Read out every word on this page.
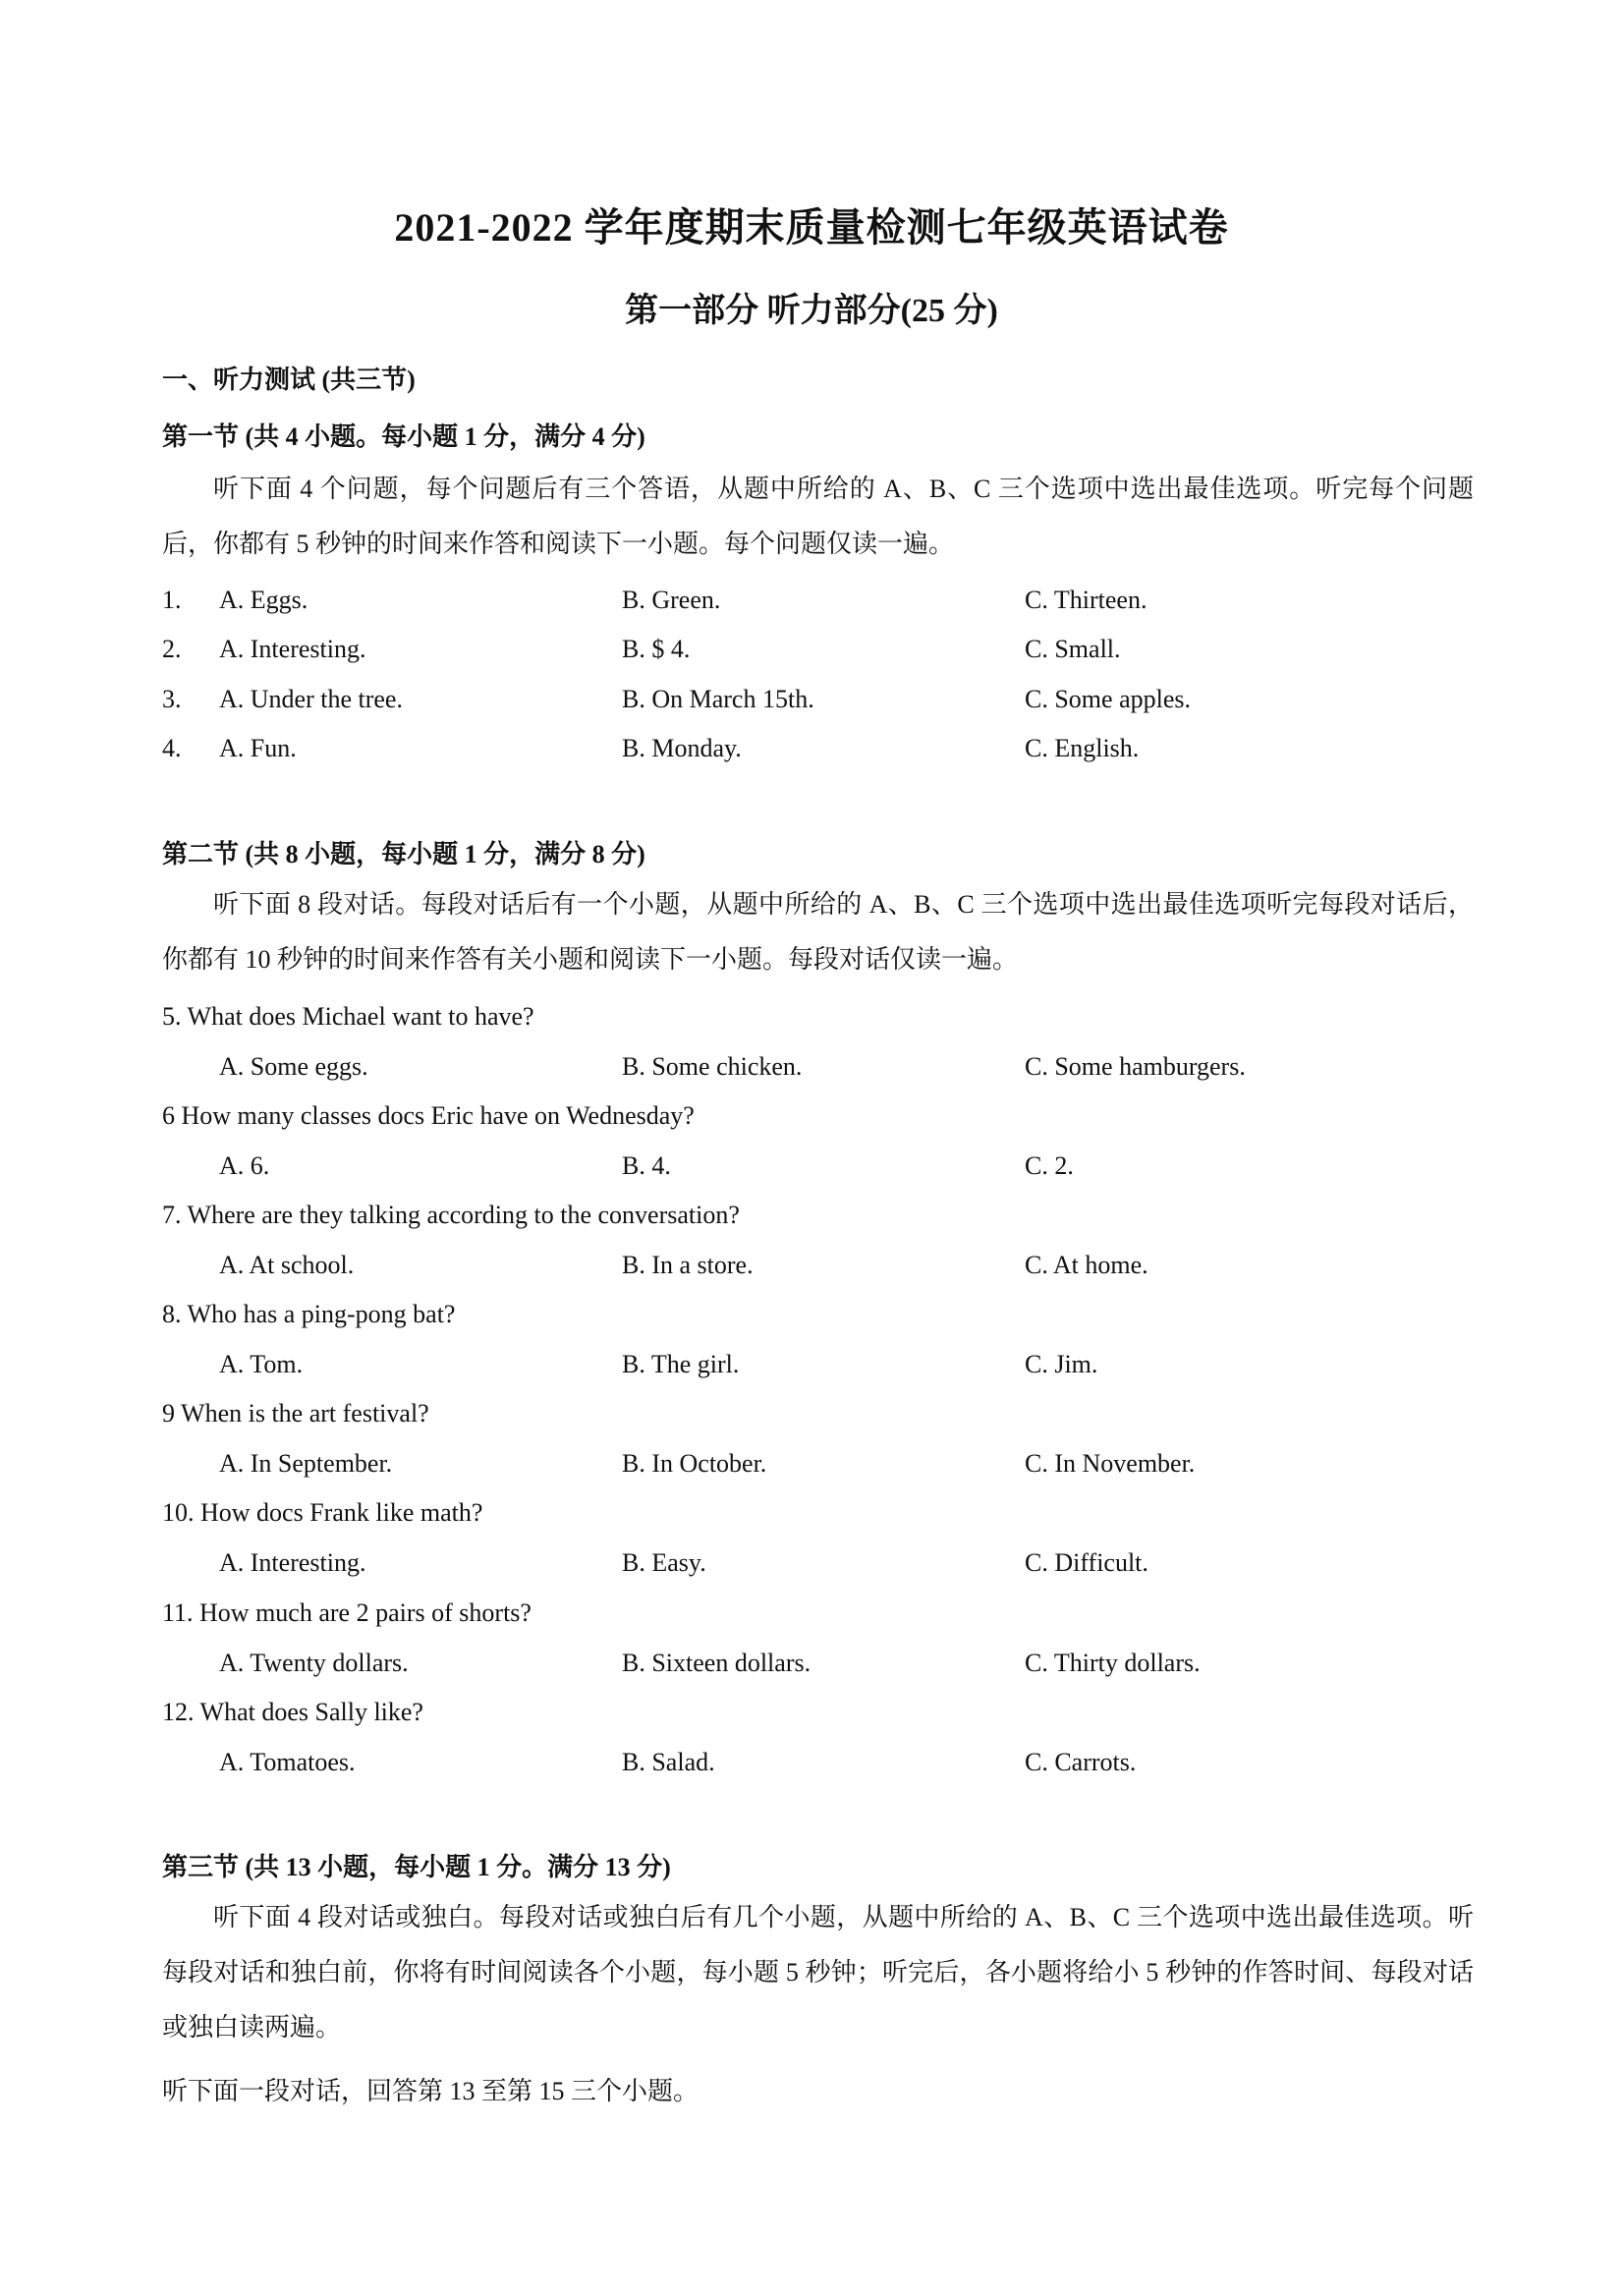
2021-2022 学年度期末质量检测七年级英语试卷
第一部分 听力部分(25 分)
一、听力测试 (共三节)
第一节 (共 4 小题。每小题 1 分，满分 4 分)
听下面 4 个问题，每个问题后有三个答语，从题中所给的 A、B、C 三个选项中选出最佳选项。听完每个问题后，你都有 5 秒钟的时间来作答和阅读下一小题。每个问题仅读一遍。
1. A. Eggs.	B. Green.	C. Thirteen.
2. A. Interesting.	B. $ 4.	C. Small.
3. A. Under the tree.	B. On March 15th.	C. Some apples.
4. A. Fun.	B. Monday.	C. English.
第二节 (共 8 小题，每小题 1 分，满分 8 分)
听下面 8 段对话。每段对话后有一个小题，从题中所给的 A、B、C 三个选项中选出最佳选项听完每段对话后，你都有 10 秒钟的时间来作答有关小题和阅读下一小题。每段对话仅读一遍。
5. What does Michael want to have?
A. Some eggs.	B. Some chicken.	C. Some hamburgers.
6 How many classes docs Eric have on Wednesday?
A. 6.	B. 4.	C. 2.
7. Where are they talking according to the conversation?
A. At school.	B. In a store.	C. At home.
8. Who has a ping-pong bat?
A. Tom.	B. The girl.	C. Jim.
9 When is the art festival?
A. In September.	B. In October.	C. In November.
10. How docs Frank like math?
A. Interesting.	B. Easy.	C. Difficult.
11. How much are 2 pairs of shorts?
A. Twenty dollars.	B. Sixteen dollars.	C. Thirty dollars.
12. What does Sally like?
A. Tomatoes.	B. Salad.	C. Carrots.
第三节 (共 13 小题，每小题 1 分。满分 13 分)
听下面 4 段对话或独白。每段对话或独白后有几个小题，从题中所给的 A、B、C 三个选项中选出最佳选项。听每段对话和独白前，你将有时间阅读各个小题，每小题 5 秒钟；听完后，各小题将给小 5 秒钟的作答时间、每段对话或独白读两遍。
听下面一段对话，回答第 13 至第 15 三个小题。
